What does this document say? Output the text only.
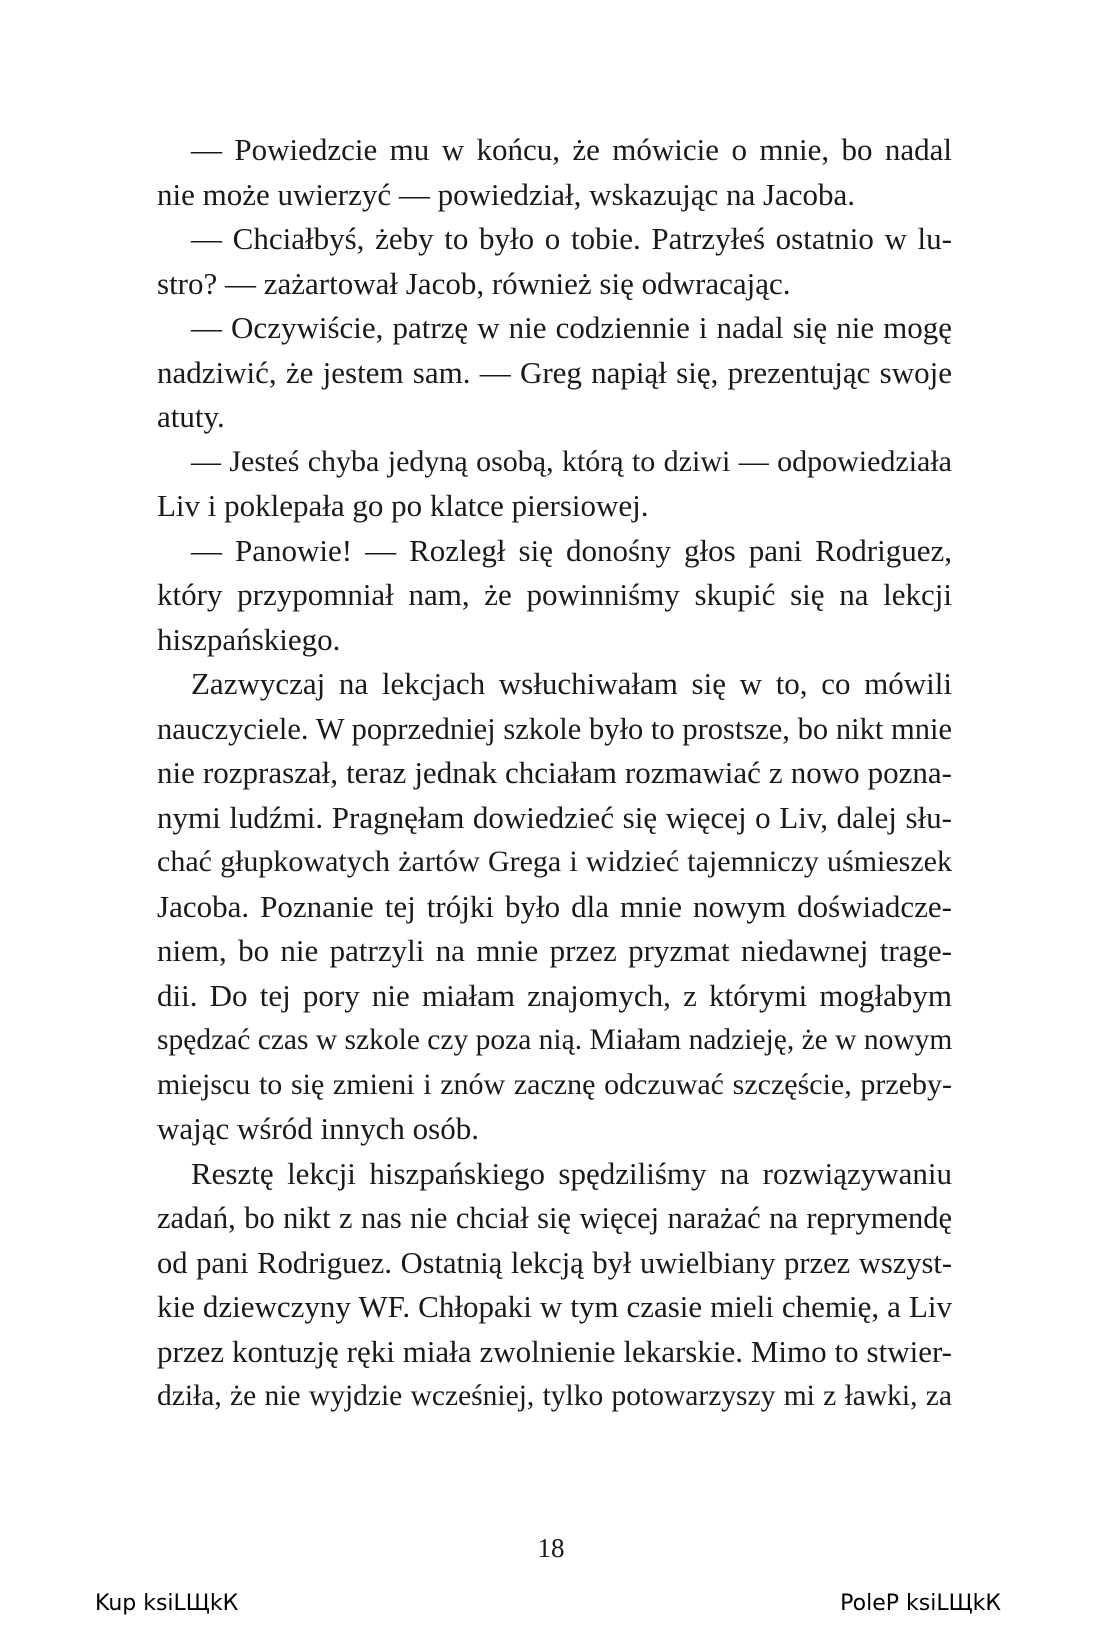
— Powiedzcie mu w końcu, że mówicie o mnie, bo nadal
nie może uwierzyć — powiedział, wskazując na Jacoba.
— Chciałbyś, żeby to było o tobie. Patrzyłeś ostatnio w lu-
stro? — zażartował Jacob, również się odwracając.
— Oczywiście, patrzę w nie codziennie i nadal się nie mogę
nadziwić, że jestem sam. — Greg napiął się, prezentując swoje
atuty.
— Jesteś chyba jedyną osobą, którą to dziwi — odpowiedziała
Liv i poklepała go po klatce piersiowej.
— Panowie! — Rozległ się donośny głos pani Rodriguez,
który przypomniał nam, że powinniśmy skupić się na lekcji
hiszpańskiego.
Zazwyczaj na lekcjach wsłuchiwałam się w to, co mówili
nauczyciele. W poprzedniej szkole było to prostsze, bo nikt mnie
nie rozpraszał, teraz jednak chciałam rozmawiać z nowo pozna-
nymi ludźmi. Pragnęłam dowiedzieć się więcej o Liv, dalej słu-
chać głupkowatych żartów Grega i widzieć tajemniczy uśmieszek
Jacoba. Poznanie tej trójki było dla mnie nowym doświadcze-
niem, bo nie patrzyli na mnie przez pryzmat niedawnej trage-
dii. Do tej pory nie miałam znajomych, z którymi mogłabym
spędzać czas w szkole czy poza nią. Miałam nadzieję, że w nowym
miejscu to się zmieni i znów zacznę odczuwać szczęście, przeby-
wając wśród innych osób.
Resztę lekcji hiszpańskiego spędziliśmy na rozwiązywaniu
zadań, bo nikt z nas nie chciał się więcej narażać na reprymendę
od pani Rodriguez. Ostatnią lekcją był uwielbiany przez wszyst-
kie dziewczyny WF. Chłopaki w tym czasie mieli chemię, a Liv
przez kontuzję ręki miała zwolnienie lekarskie. Mimo to stwier-
dziła, że nie wyjdzie wcześniej, tylko potowarzyszy mi z ławki, za
18
Kup ksiLЩkК	PoleР ksiLЩkК
